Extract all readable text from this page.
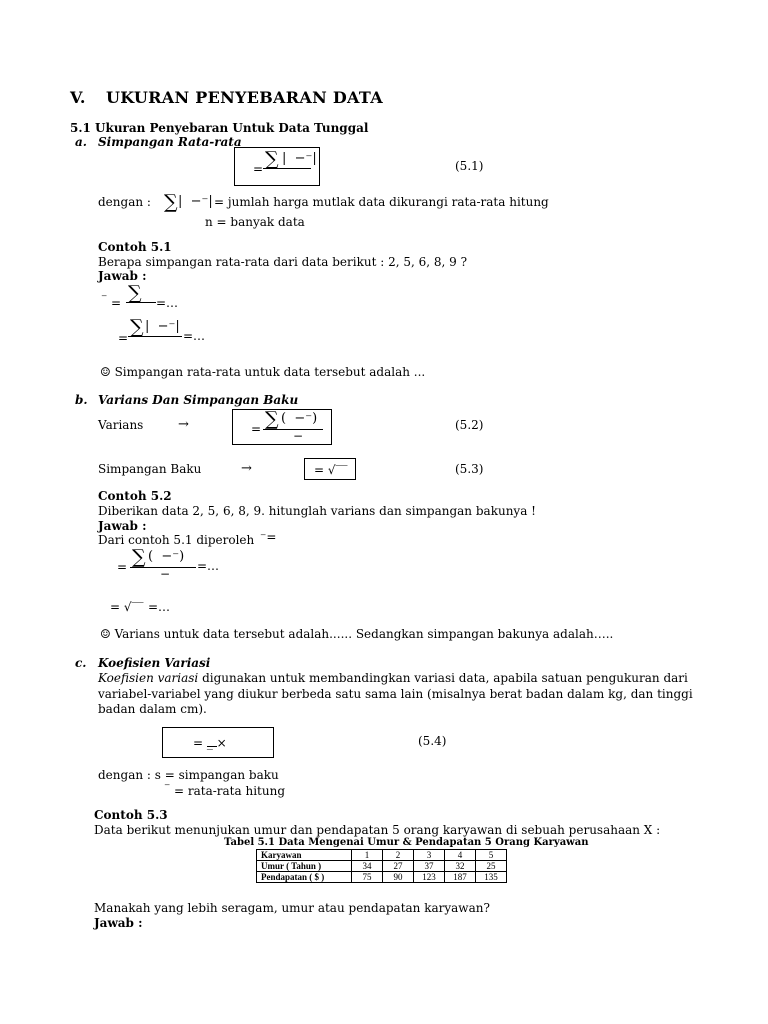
V. UKURAN PENYEBARAN DATA
5.1 Ukuran Penyebaran Untuk Data Tunggal
a. Simpangan Rata-rata
= ∑ |  −⁻|	(5.1)
dengan : ∑ |  −⁻| = jumlah harga mutlak data dikurangi rata-rata hitung
n = banyak data
Contoh 5.1
Berapa simpangan rata-rata dari data berikut : 2, 5, 6, 8, 9 ?
Jawab :
⁻ = ∑ =…
= ∑ |  −⁻|
=…
☺ Simpangan rata-rata untuk data tersebut adalah ...
b. Varians Dan Simpangan Baku
Varians	→	= ∑ (  −⁻)
−
(5.2)
Simpangan Baku	→	= √‾‾	(5.3)
Contoh 5.2
Diberikan data 2, 5, 6, 8, 9. hitunglah varians dan simpangan bakunya !
Jawab :
Dari contoh 5.1 diperoleh ⁻=
= ∑ (  −⁻)
−
=…
= √‾‾ =…
☺ Varians untuk data tersebut adalah...... Sedangkan simpangan bakunya adalah…..
c. Koefisien Variasi
Koefisien variasi digunakan untuk membandingkan variasi data, apabila satuan pengukuran dari
variabel-variabel yang diukur berbeda satu sama lain (misalnya berat badan dalam kg, dan tinggi
badan dalam cm).
= _ ×	(5.4)
dengan : s = simpangan baku
⁻ = rata-rata hitung
Contoh 5.3
Data berikut menunjukan umur dan pendapatan 5 orang karyawan di sebuah perusahaan X :
Tabel 5.1 Data Mengenai Umur & Pendapatan 5 Orang Karyawan
Karyawan	1	2	3	4	5
Umur ( Tahun )	34	27	37	32	25
Pendapatan ( $ )	75	90	123	187	135
Manakah yang lebih seragam, umur atau pendapatan karyawan?
Jawab :
